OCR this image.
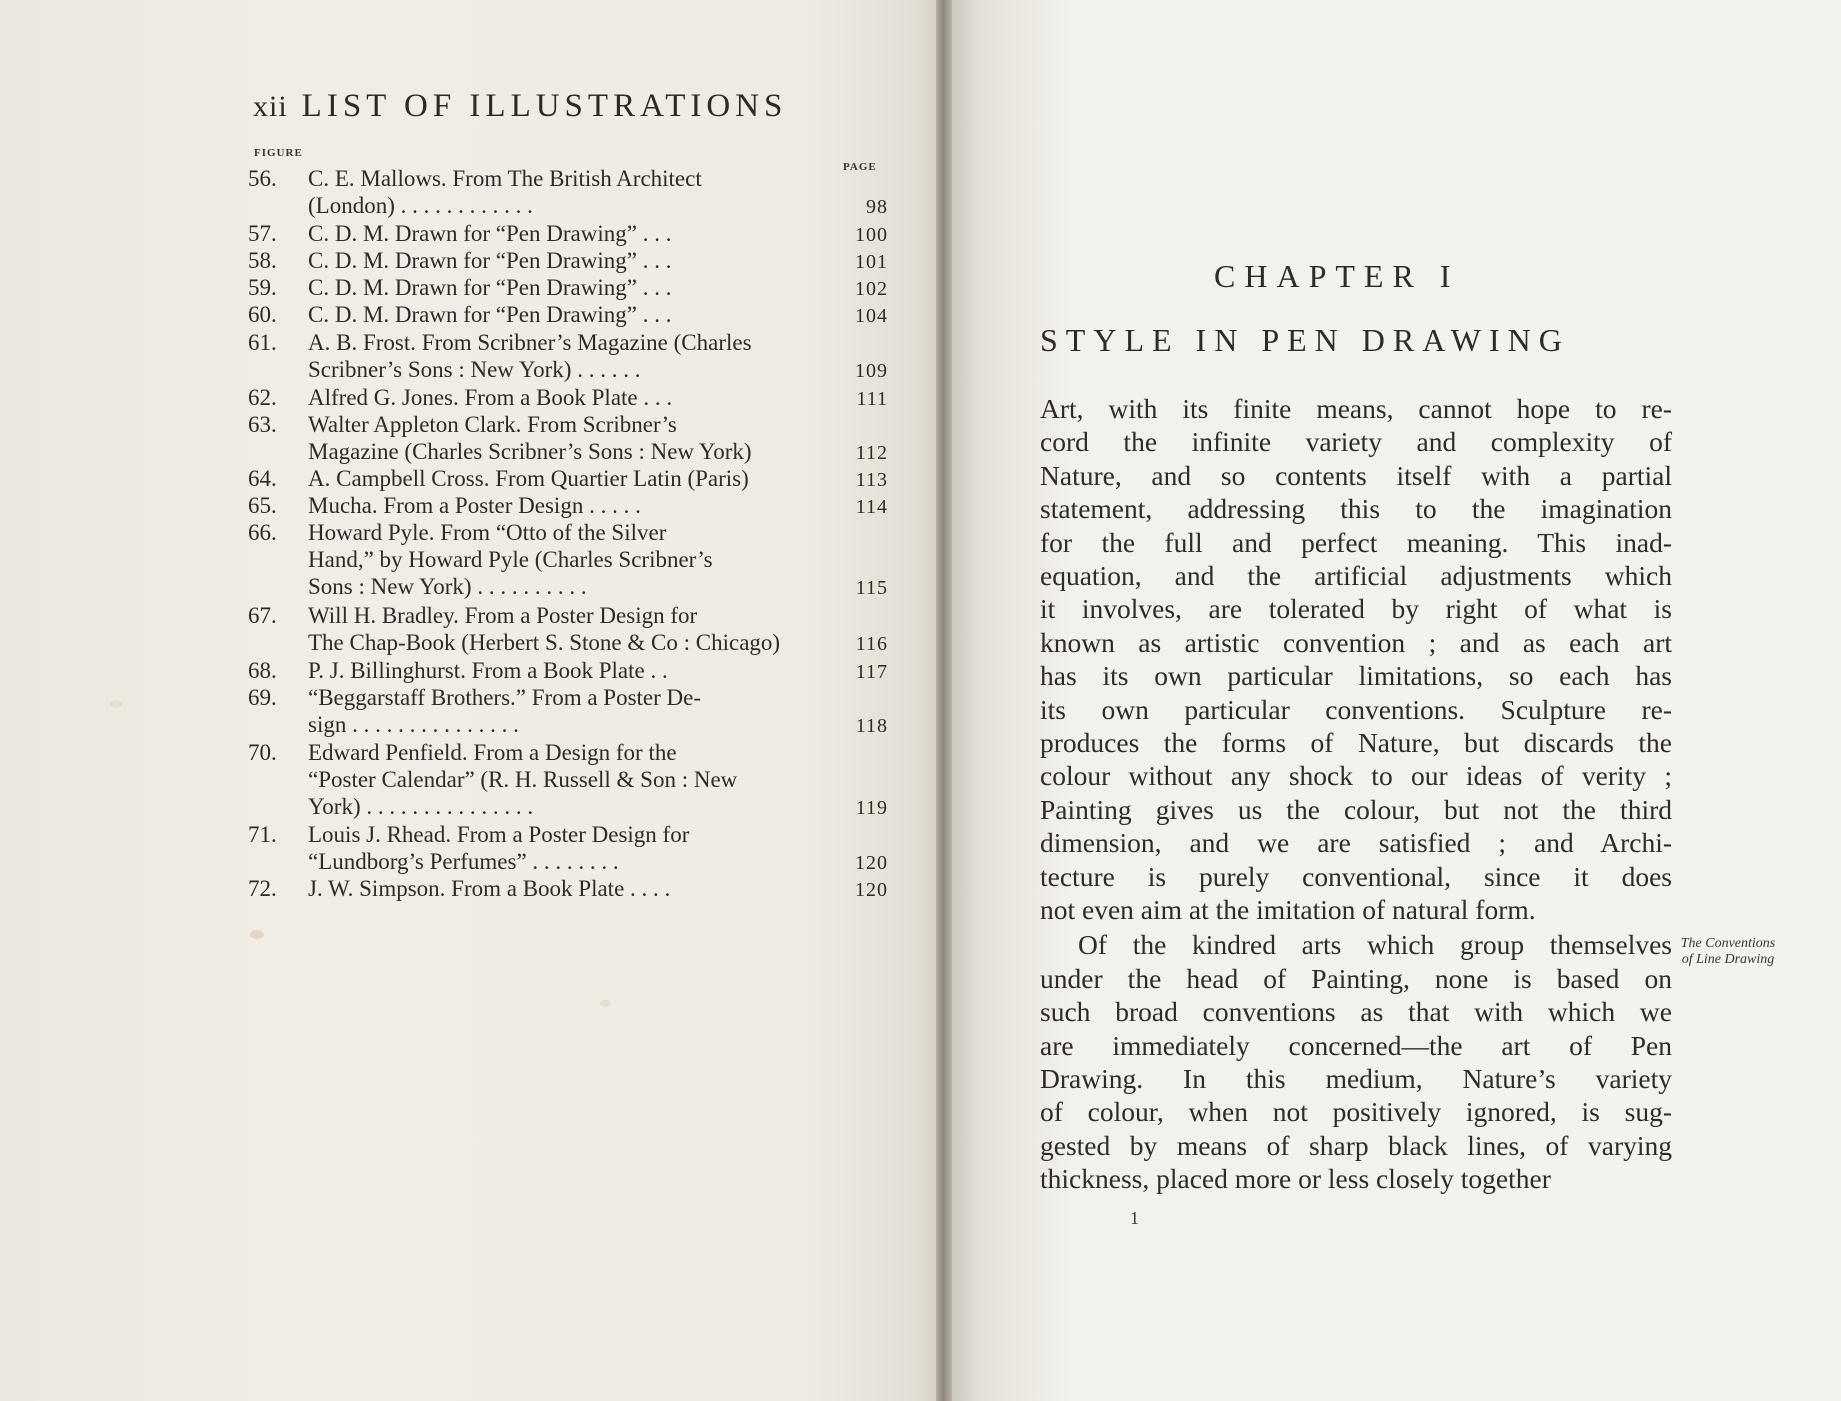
xii LIST OF ILLUSTRATIONS
FIGURE
PAGE
56.	C. E. Mallows. From The British Architect
(London) . . . . . . . . . . . .	98
57.	C. D. M. Drawn for “Pen Drawing” . . .	100
58.	C. D. M. Drawn for “Pen Drawing” . . .	101
59.	C. D. M. Drawn for “Pen Drawing” . . .	102
60.	C. D. M. Drawn for “Pen Drawing” . . .	104
61.	A. B. Frost. From Scribner’s Magazine (Charles
Scribner’s Sons : New York) . . . . . .	109
62.	Alfred G. Jones. From a Book Plate . . .	111
63.	Walter Appleton Clark. From Scribner’s
Magazine (Charles Scribner’s Sons : New York)	112
64.	A. Campbell Cross. From Quartier Latin (Paris)	113
65.	Mucha. From a Poster Design . . . . .	114
66.	Howard Pyle. From “Otto of the Silver
Hand,” by Howard Pyle (Charles Scribner’s
Sons : New York) . . . . . . . . . .	115
67.	Will H. Bradley. From a Poster Design for
The Chap-Book (Herbert S. Stone & Co : Chicago)	116
68.	P. J. Billinghurst. From a Book Plate . .	117
69.	“Beggarstaff Brothers.” From a Poster De-
sign . . . . . . . . . . . . . . .	118
70.	Edward Penfield. From a Design for the
“Poster Calendar” (R. H. Russell & Son : New
York) . . . . . . . . . . . . . . .	119
71.	Louis J. Rhead. From a Poster Design for
“Lundborg’s Perfumes” . . . . . . . .	120
72.	J. W. Simpson. From a Book Plate . . . .	120
CHAPTER I
STYLE IN PEN DRAWING
Art, with its finite means, cannot hope to re-
cord the infinite variety and complexity of
Nature, and so contents itself with a partial
statement, addressing this to the imagination
for the full and perfect meaning. This inad-
equation, and the artificial adjustments which
it involves, are tolerated by right of what is
known as artistic convention ; and as each art
has its own particular limitations, so each has
its own particular conventions. Sculpture re-
produces the forms of Nature, but discards the
colour without any shock to our ideas of verity ;
Painting gives us the colour, but not the third
dimension, and we are satisfied ; and Archi-
tecture is purely conventional, since it does
not even aim at the imitation of natural form.
Of the kindred arts which group themselves
under the head of Painting, none is based on
such broad conventions as that with which we
are immediately concerned—the art of Pen
Drawing. In this medium, Nature’s variety
of colour, when not positively ignored, is sug-
gested by means of sharp black lines, of varying
thickness, placed more or less closely together
The Conventions of Line Drawing
1
